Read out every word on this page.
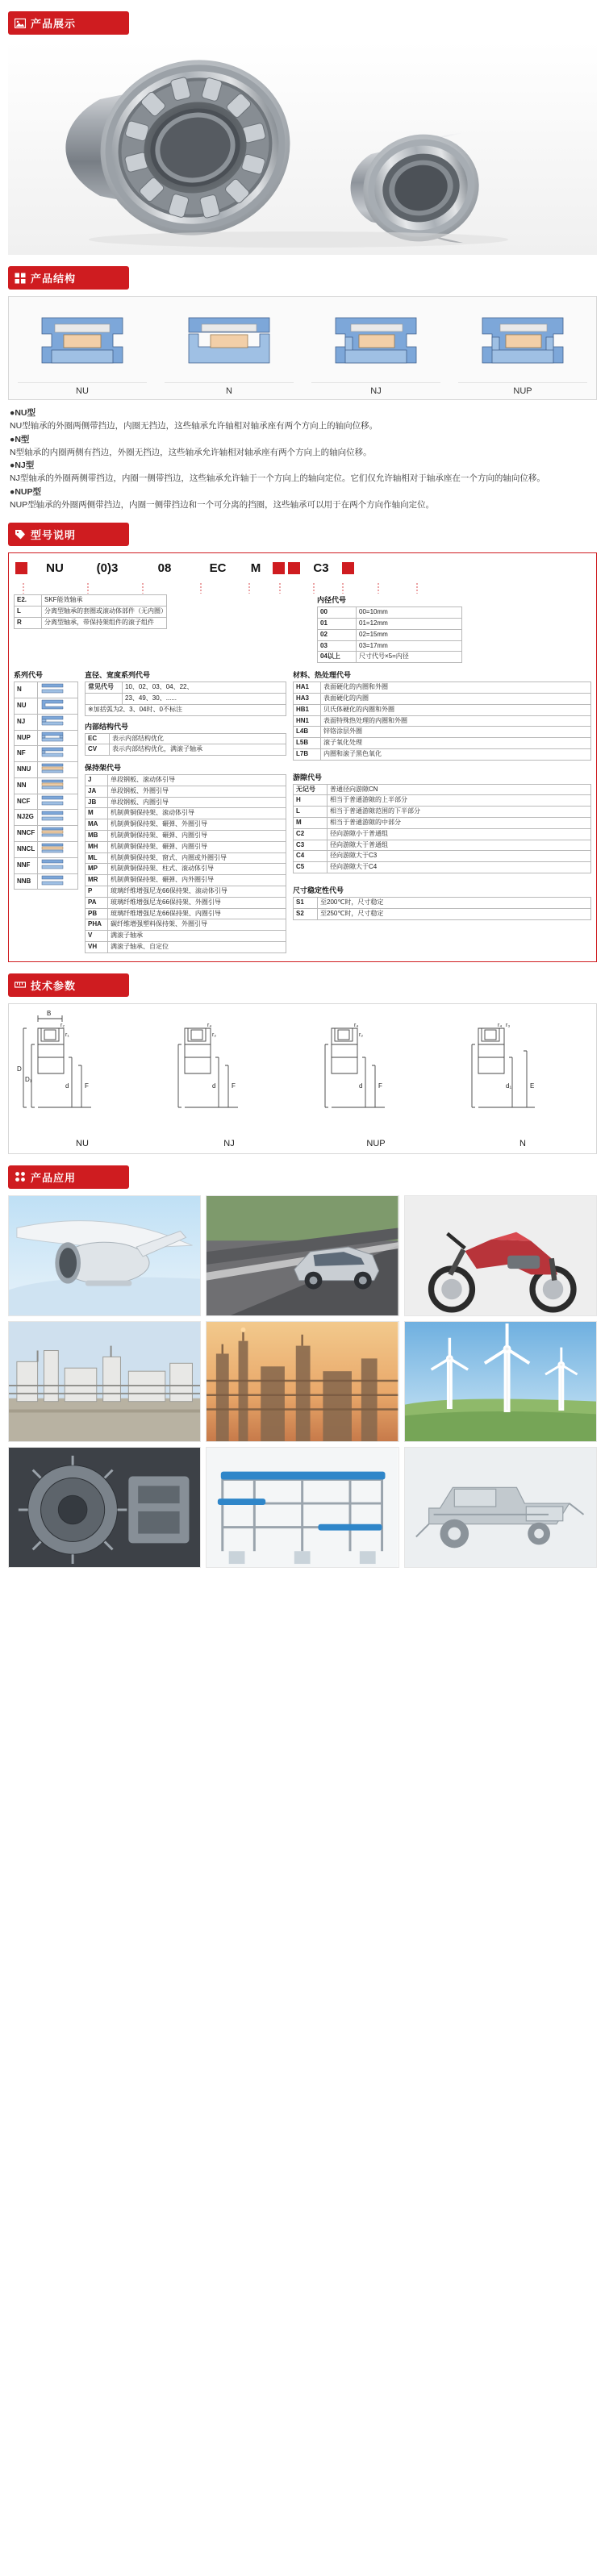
产品展示
产品结构
NU	N	NJ	NUP
●NU型
NU型轴承的外圈两侧带挡边，内圈无挡边，这些轴承允许轴相对轴承座有两个方向上的轴向位移。
●N型
N型轴承的内圈两侧有挡边，外圈无挡边，这些轴承允许轴相对轴承座有两个方向上的轴向位移。
●NJ型
NJ型轴承的外圈两侧带挡边，内圈一侧带挡边，这些轴承允许轴于一个方向上的轴向定位。它们仅允许轴相对于轴承座在一个方向的轴向位移。
●NUP型
NUP型轴承的外圈两侧带挡边，内圈一侧带挡边和一个可分离的挡圈，这些轴承可以用于在两个方向作轴向定位。
型号说明
NU	(0)3	08	EC	M	C3
E2.	SKF能效轴承
L	分离型轴承的套圈或滚动体部件（无内圈）
R	分离型轴承，带保持架组件的滚子组件
内径代号
00	00=10mm
01	01=12mm
02	02=15mm
03	03=17mm
04以上	尺寸代号×5=内径
系列代号
N	
NU	
NJ	
NUP	
NF	
NNU	
NN	
NCF	
NJ2G	
NNCF	
NNCL	
NNF	
NNB	
直径、宽度系列代号
常见代号	10、02、03、04、22、
	23、49、30、......
※加括弧为2、3、04时、0不标注	
内部结构代号
EC	表示内部结构优化
CV	表示内部结构优化，满滚子轴承
保持架代号
J	单段钢板、滚动体引导
JA	单段钢板、外圈引导
JB	单段钢板、内圈引导
M	机制黄铜保持架、滚动体引导
MA	机制黄铜保持架、碾弹、外圈引导
MB	机制黄铜保持架、碾弹、内圈引导
MH	机制黄铜保持架、碾弹、内圈引导
ML	机制黄铜保持架、窗式、内圈或外圈引导
MP	机制黄铜保持架、柱式、滚动体引导
MR	机制黄铜保持架、碾弹、内外圈引导
P	玻璃纤维增强尼龙66保持架、滚动体引导
PA	玻璃纤维增强尼龙66保持架、外圈引导
PB	玻璃纤维增强尼龙66保持架、内圈引导
PHA	碳纤维增强塑料保持架、外圈引导
V	满滚子轴承
VH	满滚子轴承、自定位
材料、热处理代号
HA1	表面硬化的内圈和外圈
HA3	表面硬化的内圈
HB1	贝氏体硬化的内圈和外圈
HN1	表面特殊热处理的内圈和外圈
L4B	锌铬涂层外圈
L5B	滚子氧化处理
L7B	内圈和滚子黑色氧化
游隙代号
无记号	普通径向游隙CN
H	相当于普通游隙的上半部分
L	相当于普通游隙范围的下半部分
M	相当于普通游隙的中部分
C2	径向游隙小于普通组
C3	径向游隙大于普通组
C4	径向游隙大于C3
C5	径向游隙大于C4
尺寸稳定性代号
S1	至200℃时，尺寸稳定
S2	至250℃时，尺寸稳定
技术参数
B
D
D₁
d F
r₂
r₁
NU
d F
r₄
r₂
NJ
d F
r₄
r₂
NUP
d₁	E
r₄ r₃
N
产品应用
